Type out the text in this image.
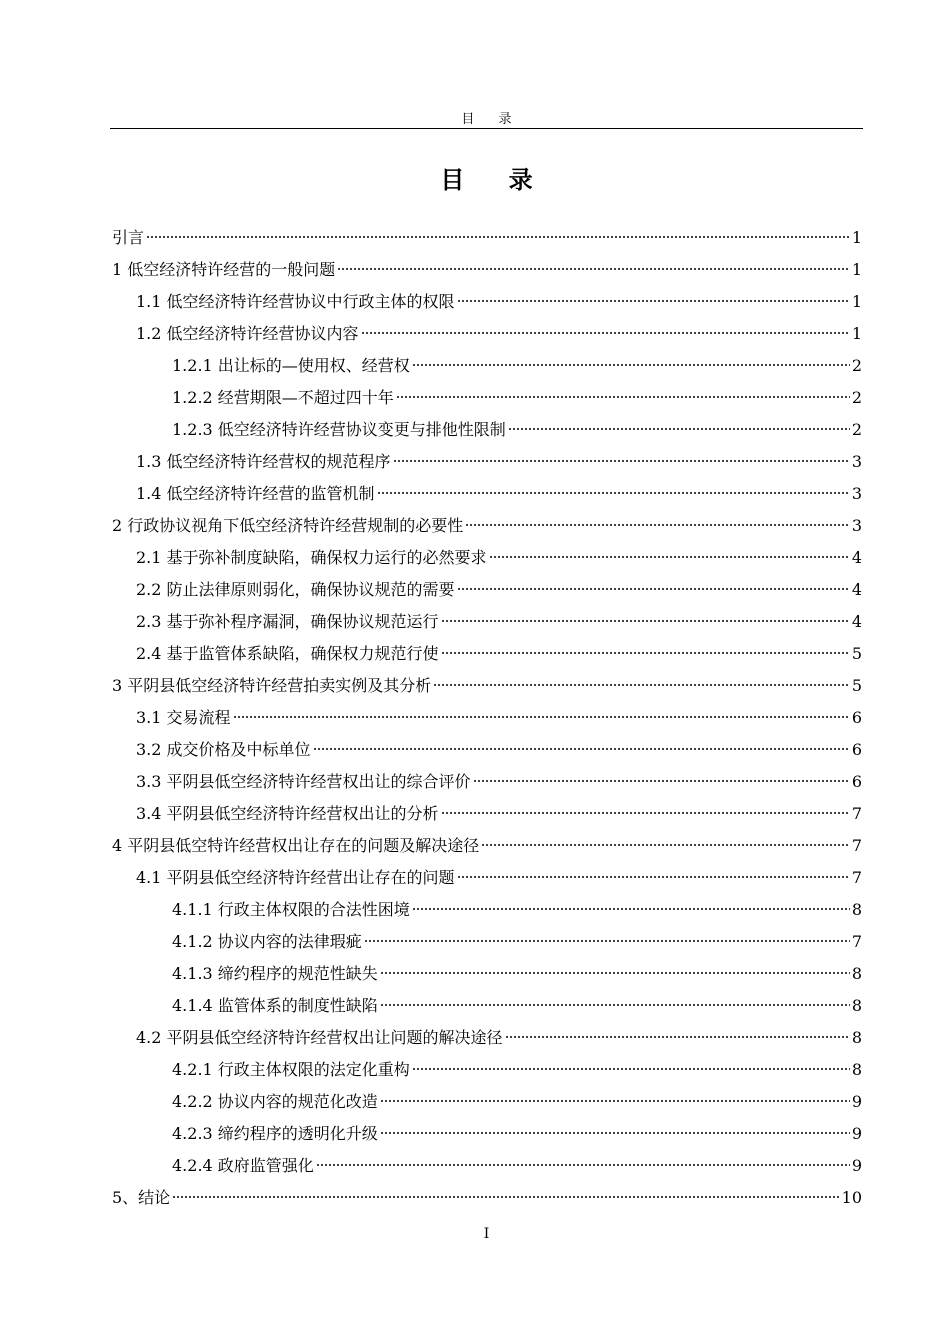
目 录
目 录
引言	1
1 低空经济特许经营的一般问题	1
1.1 低空经济特许经营协议中行政主体的权限	1
1.2 低空经济特许经营协议内容	1
1.2.1 出让标的—使用权、经营权	2
1.2.2 经营期限—不超过四十年	2
1.2.3 低空经济特许经营协议变更与排他性限制	2
1.3 低空经济特许经营权的规范程序	3
1.4 低空经济特许经营的监管机制	3
2 行政协议视角下低空经济特许经营规制的必要性	3
2.1 基于弥补制度缺陷，确保权力运行的必然要求	4
2.2 防止法律原则弱化，确保协议规范的需要	4
2.3 基于弥补程序漏洞，确保协议规范运行	4
2.4 基于监管体系缺陷，确保权力规范行使	5
3 平阴县低空经济特许经营拍卖实例及其分析	5
3.1 交易流程	6
3.2 成交价格及中标单位	6
3.3 平阴县低空经济特许经营权出让的综合评价	6
3.4 平阴县低空经济特许经营权出让的分析	7
4 平阴县低空特许经营权出让存在的问题及解决途径	7
4.1 平阴县低空经济特许经营出让存在的问题	7
4.1.1 行政主体权限的合法性困境	8
4.1.2 协议内容的法律瑕疵	7
4.1.3 缔约程序的规范性缺失	8
4.1.4 监管体系的制度性缺陷	8
4.2 平阴县低空经济特许经营权出让问题的解决途径	8
4.2.1 行政主体权限的法定化重构	8
4.2.2 协议内容的规范化改造	9
4.2.3 缔约程序的透明化升级	9
4.2.4 政府监管强化	9
5、结论	10
I
